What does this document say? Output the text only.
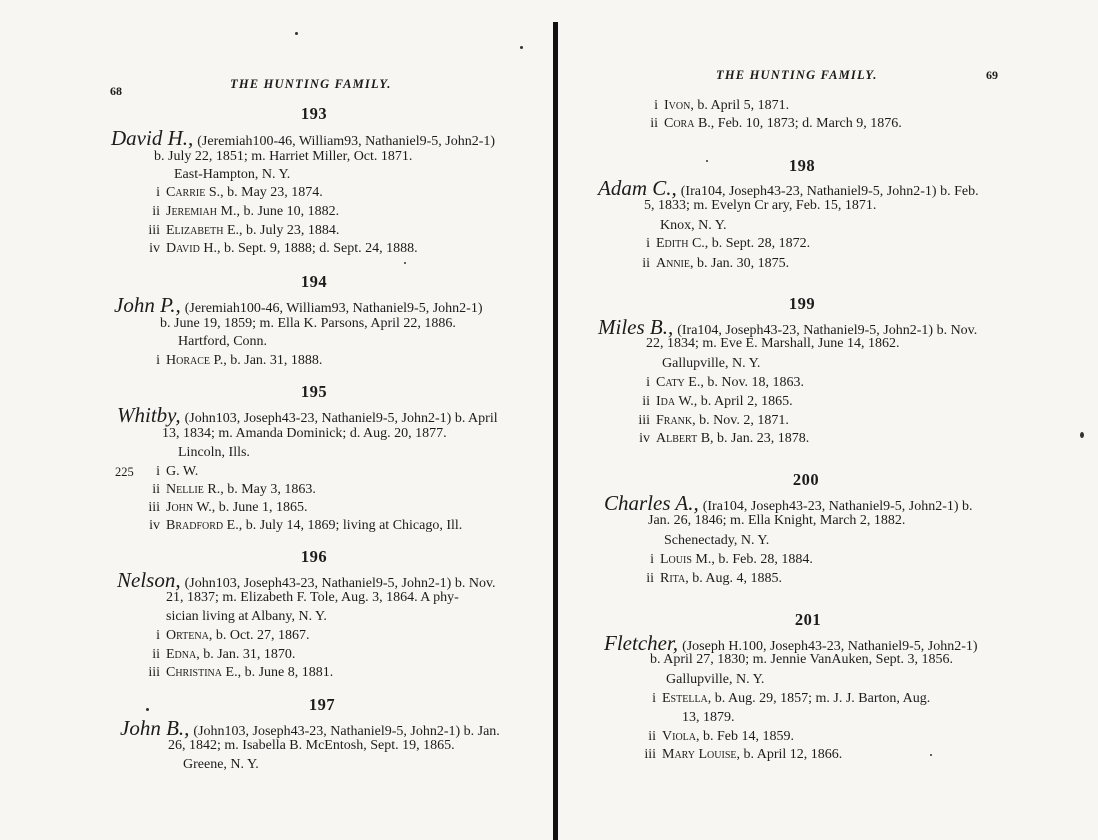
68	THE HUNTING FAMILY.
193
David H., (Jeremiah100-46, William93, Nathaniel9-5, John2-1)
b. July 22, 1851; m. Harriet Miller, Oct. 1871.
East-Hampton, N. Y.
i Carrie S., b. May 23, 1874.
ii Jeremiah M., b. June 10, 1882.
iii Elizabeth E., b. July 23, 1884.
iv David H., b. Sept. 9, 1888; d. Sept. 24, 1888.
194
John P., (Jeremiah100-46, William93, Nathaniel9-5, John2-1)
b. June 19, 1859; m. Ella K. Parsons, April 22, 1886.
Hartford, Conn.
i Horace P., b. Jan. 31, 1888.
195
Whitby, (John103, Joseph43-23, Nathaniel9-5, John2-1) b. April
13, 1834; m. Amanda Dominick; d. Aug. 20, 1877.
Lincoln, Ills.
225	i G. W.
ii Nellie R., b. May 3, 1863.
iii John W., b. June 1, 1865.
iv Bradford E., b. July 14, 1869; living at Chicago, Ill.
196
Nelson, (John103, Joseph43-23, Nathaniel9-5, John2-1) b. Nov.
21, 1837; m. Elizabeth F. Tole, Aug. 3, 1864. A phy-
sician living at Albany, N. Y.
i Ortena, b. Oct. 27, 1867.
ii Edna, b. Jan. 31, 1870.
iii Christina E., b. June 8, 1881.
197
John B., (John103, Joseph43-23, Nathaniel9-5, John2-1) b. Jan.
26, 1842; m. Isabella B. McEntosh, Sept. 19, 1865.
Greene, N. Y.
THE HUNTING FAMILY.	69
i Ivon, b. April 5, 1871.
ii Cora B., Feb. 10, 1873; d. March 9, 1876.
198
Adam C., (Ira104, Joseph43-23, Nathaniel9-5, John2-1) b. Feb.
5, 1833; m. Evelyn Cr ary, Feb. 15, 1871.
Knox, N. Y.
i Edith C., b. Sept. 28, 1872.
ii Annie, b. Jan. 30, 1875.
199
Miles B., (Ira104, Joseph43-23, Nathaniel9-5, John2-1) b. Nov.
22, 1834; m. Eve E. Marshall, June 14, 1862.
Gallupville, N. Y.
i Caty E., b. Nov. 18, 1863.
ii Ida W., b. April 2, 1865.
iii Frank, b. Nov. 2, 1871.
iv Albert B, b. Jan. 23, 1878.
200
Charles A., (Ira104, Joseph43-23, Nathaniel9-5, John2-1) b.
Jan. 26, 1846; m. Ella Knight, March 2, 1882.
Schenectady, N. Y.
i Louis M., b. Feb. 28, 1884.
ii Rita, b. Aug. 4, 1885.
201
Fletcher, (Joseph H.100, Joseph43-23, Nathaniel9-5, John2-1)
b. April 27, 1830; m. Jennie VanAuken, Sept. 3, 1856.
Gallupville, N. Y.
i Estella, b. Aug. 29, 1857; m. J. J. Barton, Aug.
13, 1879.
ii Viola, b. Feb 14, 1859.
iii Mary Louise, b. April 12, 1866.
